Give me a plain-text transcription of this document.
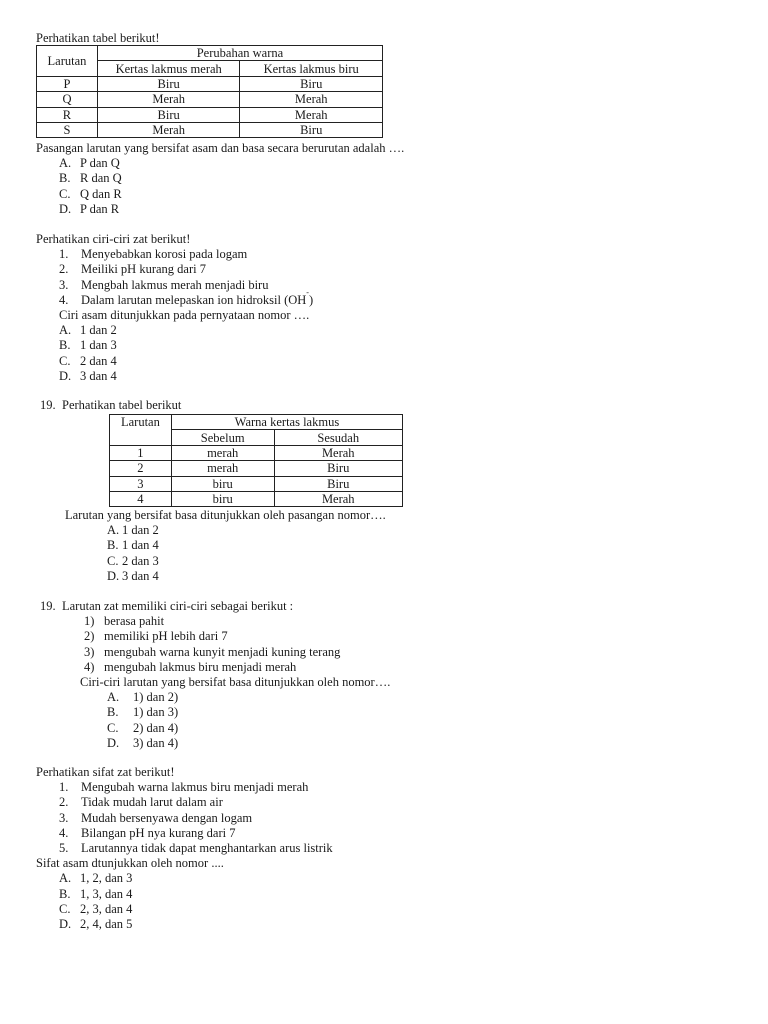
Perhatikan tabel berikut!
Larutan	Perubahan warna	
	Kertas lakmus merah	Kertas lakmus biru
P	Biru	Biru
Q	Merah	Merah
R	Biru	Merah
S	Merah	Biru
Pasangan larutan yang bersifat asam dan basa secara berurutan adalah ….
A. P dan Q
B. R dan Q
C. Q dan R
D. P dan R
Perhatikan ciri-ciri zat berikut!
1.	Menyebabkan korosi pada logam
2.	Meiliki pH kurang dari 7
3.	Mengbah lakmus merah menjadi biru
4.	Dalam larutan melepaskan ion hidroksil (OH
-
)
Ciri asam ditunjukkan pada pernyataan nomor ….
A. 1 dan 2
B. 1 dan 3
C. 2 dan 4
D. 3 dan 4
19. Perhatikan tabel berikut
Larutan	Warna kertas lakmus	
	Sebelum	Sesudah
1	merah	Merah
2	merah	Biru
3	biru	Biru
4	biru	Merah
Larutan yang bersifat basa ditunjukkan oleh pasangan nomor….
A. 1 dan 2
B. 1 dan 4
C. 2 dan 3
D. 3 dan 4
19. Larutan zat memiliki ciri-ciri sebagai berikut :
1) berasa pahit
2) memiliki pH lebih dari 7
3) mengubah warna kunyit menjadi kuning terang
4) mengubah lakmus biru menjadi merah
Ciri-ciri larutan yang bersifat basa ditunjukkan oleh nomor….
A.	1) dan 2)
B.	1) dan 3)
C.	2) dan 4)
D.	3) dan 4)
Perhatikan sifat zat berikut!
1.	Mengubah warna lakmus biru menjadi merah
2.	Tidak mudah larut dalam air
3.	Mudah bersenyawa dengan logam
4.	Bilangan pH nya kurang dari 7
5.	Larutannya tidak dapat menghantarkan arus listrik
Sifat asam dtunjukkan oleh nomor ....
A. 1, 2, dan 3
B. 1, 3, dan 4
C. 2, 3, dan 4
D. 2, 4, dan 5
